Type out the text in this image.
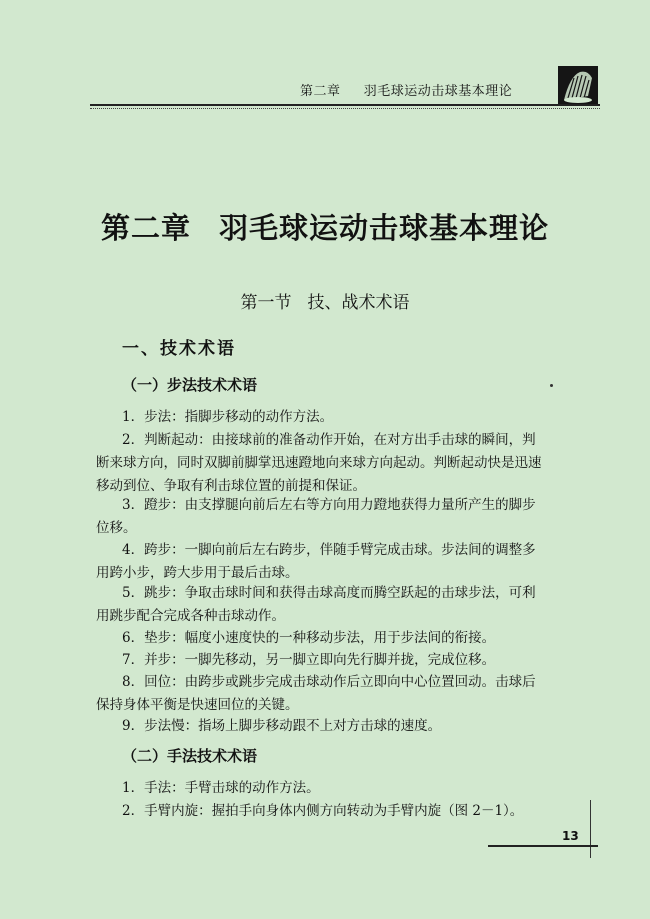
第二章 羽毛球运动击球基本理论
第二章 羽毛球运动击球基本理论
第一节 技、战术术语
一、技术术语
（一）步法技术术语
1．步法：指脚步移动的动作方法。
2．判断起动：由接球前的准备动作开始，在对方出手击球的瞬间，判
断来球方向，同时双脚前脚掌迅速蹬地向来球方向起动。判断起动快是迅速
移动到位、争取有利击球位置的前提和保证。
3．蹬步：由支撑腿向前后左右等方向用力蹬地获得力量所产生的脚步
位移。
4．跨步：一脚向前后左右跨步，伴随手臂完成击球。步法间的调整多
用跨小步，跨大步用于最后击球。
5．跳步：争取击球时间和获得击球高度而腾空跃起的击球步法，可利
用跳步配合完成各种击球动作。
6．垫步：幅度小速度快的一种移动步法，用于步法间的衔接。
7．并步：一脚先移动，另一脚立即向先行脚并拢，完成位移。
8．回位：由跨步或跳步完成击球动作后立即向中心位置回动。击球后
保持身体平衡是快速回位的关键。
9．步法慢：指场上脚步移动跟不上对方击球的速度。
（二）手法技术术语
1．手法：手臂击球的动作方法。
2．手臂内旋：握拍手向身体内侧方向转动为手臂内旋（图 2－1）。
13
